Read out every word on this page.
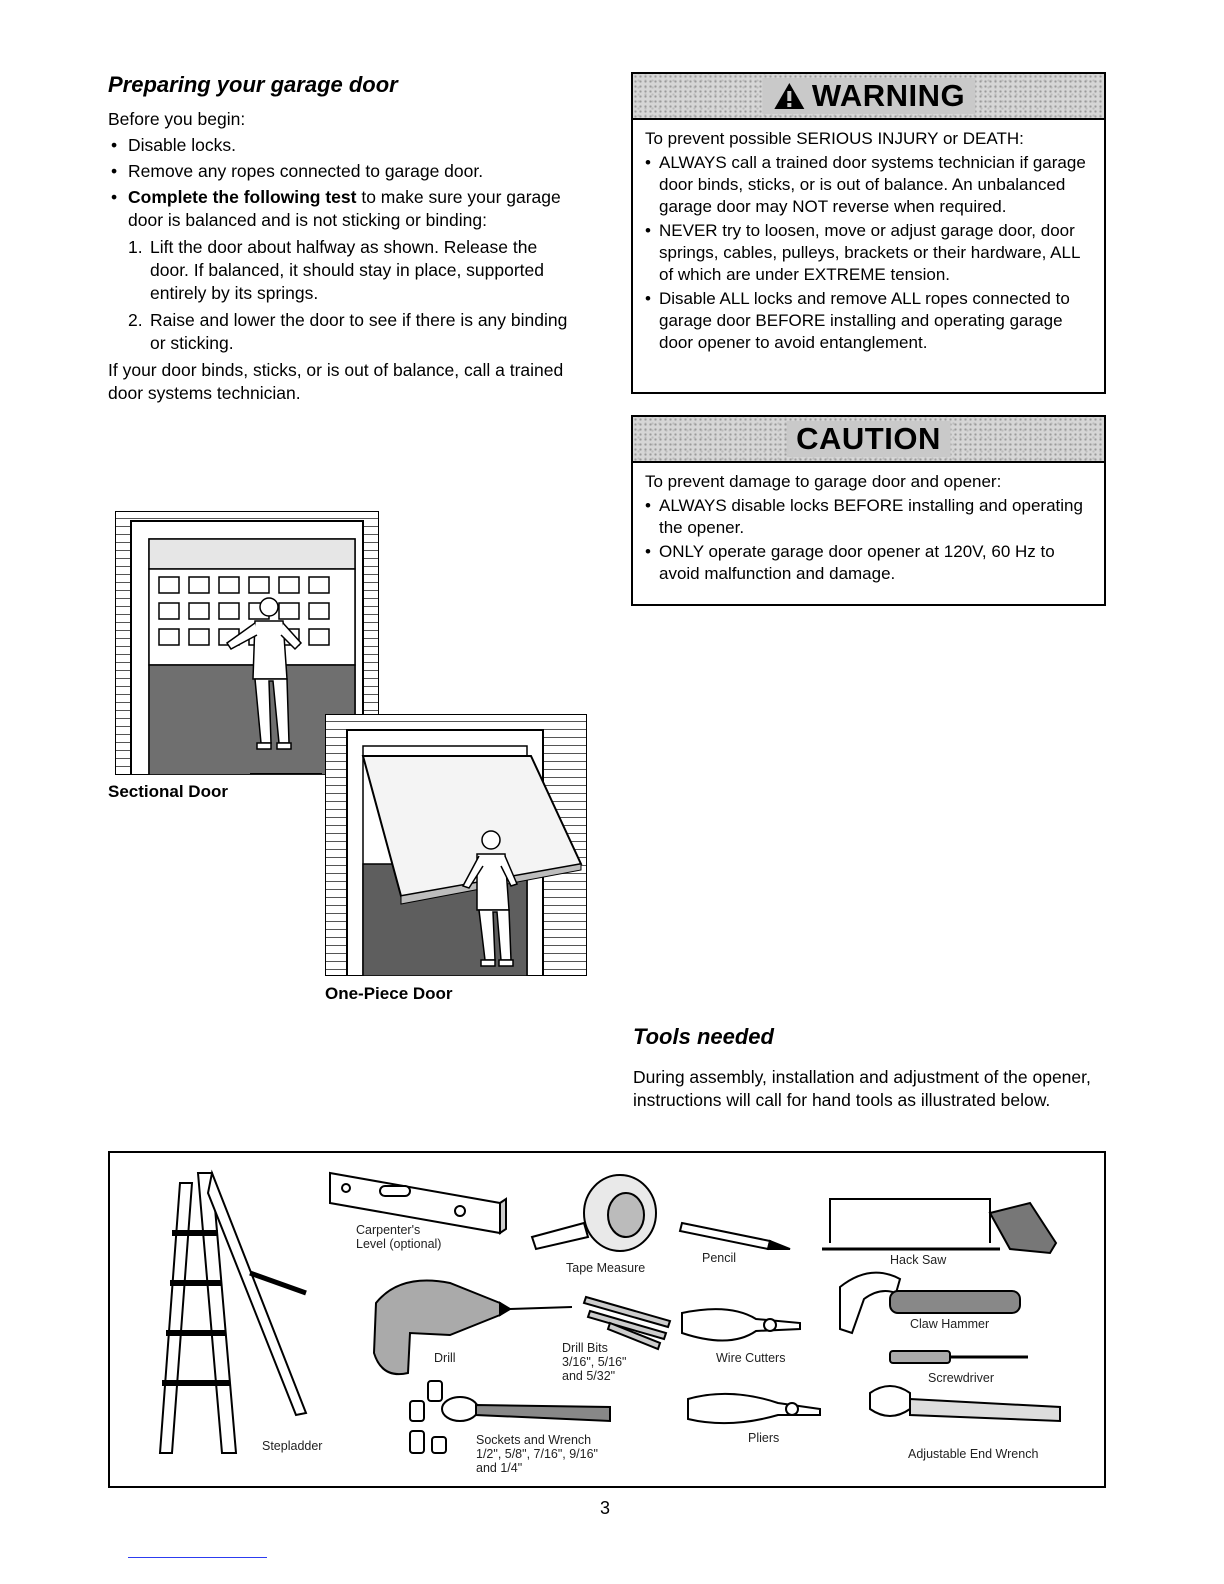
Preparing your garage door
Before you begin:
• Disable locks.
• Remove any ropes connected to garage door.
• Complete the following test to make sure your garage door is balanced and is not sticking or binding:
1. Lift the door about halfway as shown. Release the door. If balanced, it should stay in place, supported entirely by its springs.
2. Raise and lower the door to see if there is any binding or sticking.
If your door binds, sticks, or is out of balance, call a trained door systems technician.
Sectional Door
One-Piece Door
WARNING

To prevent possible SERIOUS INJURY or DEATH:

• ALWAYS call a trained door systems technician if garage door binds, sticks, or is out of balance. An unbalanced garage door may NOT reverse when required.
• NEVER try to loosen, move or adjust garage door, door springs, cables, pulleys, brackets or their hardware, ALL of which are under EXTREME tension.
• Disable ALL locks and remove ALL ropes connected to garage door BEFORE installing and operating garage door opener to avoid entanglement.
CAUTION

To prevent damage to garage door and opener:

• ALWAYS disable locks BEFORE installing and operating the opener.
• ONLY operate garage door opener at 120V, 60 Hz to avoid malfunction and damage.
Tools needed
During assembly, installation and adjustment of the opener, instructions will call for hand tools as illustrated below.
Carpenter's
Level (optional)
Tape Measure
Pencil	Hack Saw
Claw Hammer
Drill
Drill Bits
3/16", 5/16"
and 5/32"
Wire Cutters
Screwdriver
Sockets and Wrench
1/2", 5/8", 7/16", 9/16"
and 1/4"
Pliers
Adjustable End Wrench
Stepladder
3
